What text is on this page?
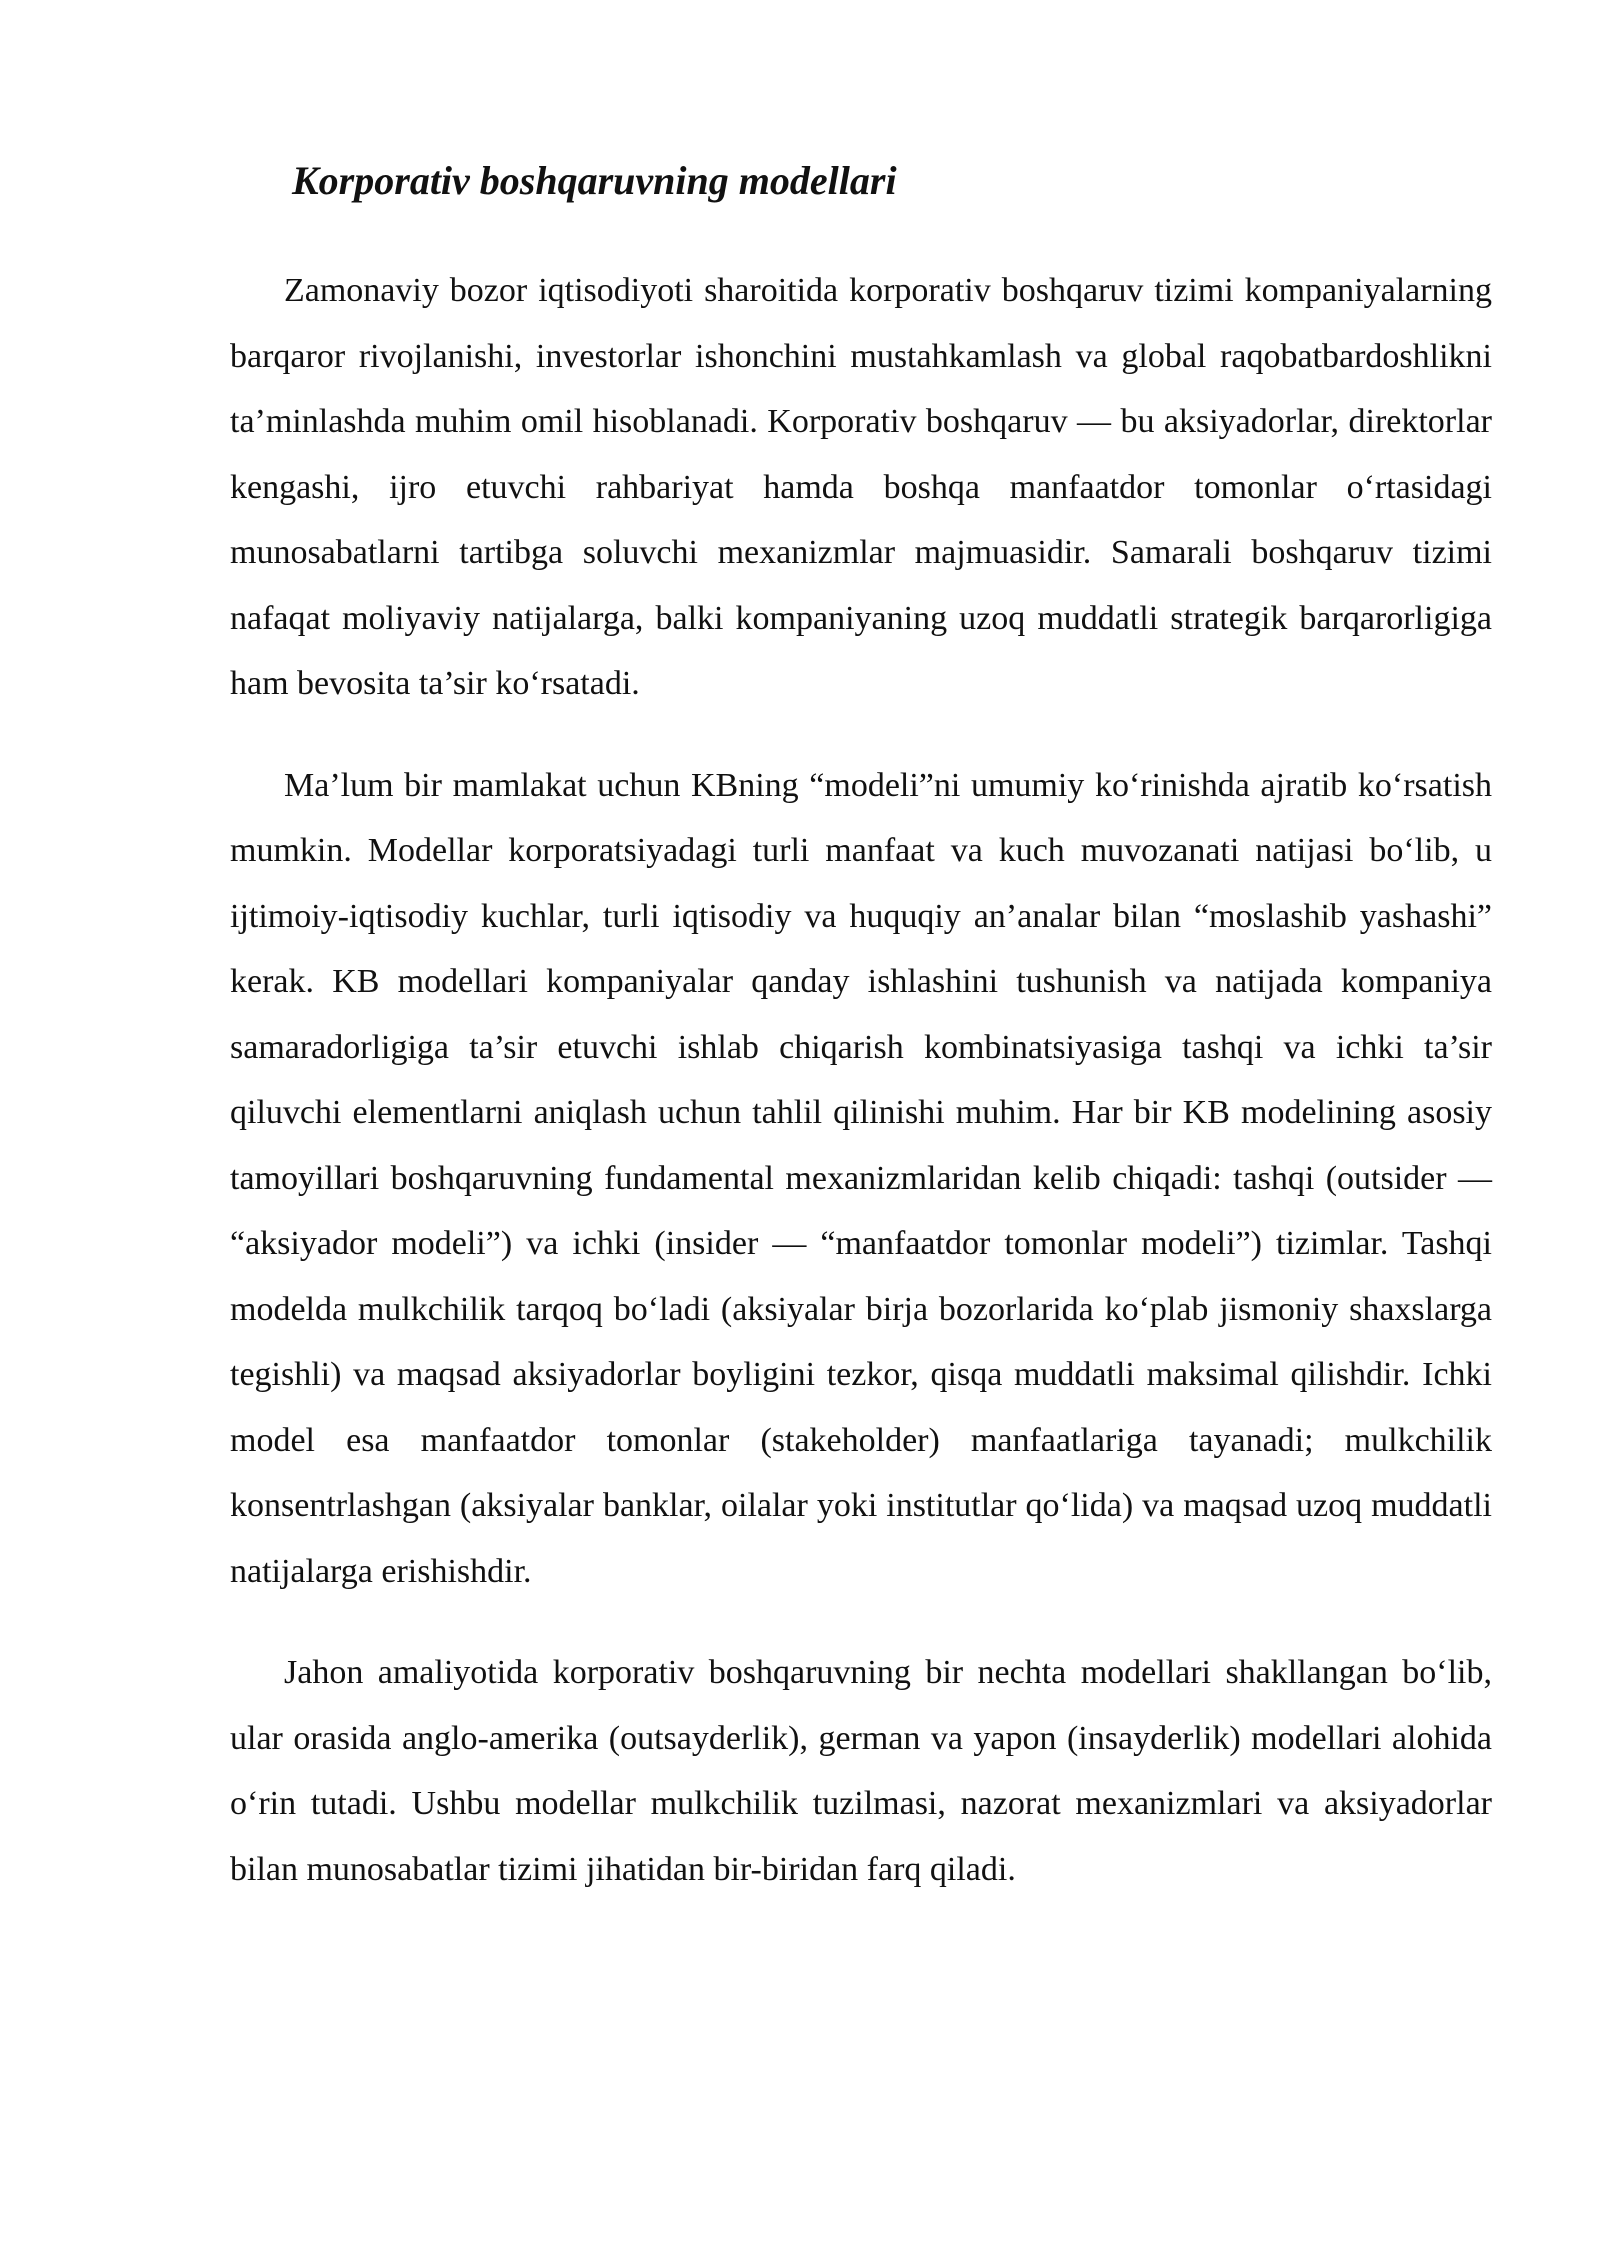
Korporativ boshqaruvning modellari

Zamonaviy bozor iqtisodiyoti sharoitida korporativ boshqaruv tizimi kompaniyalarning barqaror rivojlanishi, investorlar ishonchini mustahkamlash va global raqobatbardoshlikni ta’minlashda muhim omil hisoblanadi. Korporativ boshqaruv — bu aksiyadorlar, direktorlar kengashi, ijro etuvchi rahbariyat hamda boshqa manfaatdor tomonlar o‘rtasidagi munosabatlarni tartibga soluvchi mexanizmlar majmuasidir. Samarali boshqaruv tizimi nafaqat moliyaviy natijalarga, balki kompaniyaning uzoq muddatli strategik barqarorligiga ham bevosita ta’sir ko‘rsatadi.

Ma’lum bir mamlakat uchun KBning “modeli”ni umumiy ko‘rinishda ajratib ko‘rsatish mumkin. Modellar korporatsiyadagi turli manfaat va kuch muvozanati natijasi bo‘lib, u ijtimoiy-iqtisodiy kuchlar, turli iqtisodiy va huquqiy an’analar bilan “moslashib yashashi” kerak. KB modellari kompaniyalar qanday ishlashini tushunish va natijada kompaniya samaradorligiga ta’sir etuvchi ishlab chiqarish kombinatsiyasiga tashqi va ichki ta’sir qiluvchi elementlarni aniqlash uchun tahlil qilinishi muhim. Har bir KB modelining asosiy tamoyillari boshqaruvning fundamental mexanizmlaridan kelib chiqadi: tashqi (outsider — “aksiyador modeli”) va ichki (insider — “manfaatdor tomonlar modeli”) tizimlar. Tashqi modelda mulkchilik tarqoq bo‘ladi (aksiyalar birja bozorlarida ko‘plab jismoniy shaxslarga tegishli) va maqsad aksiyadorlar boyligini tezkor, qisqa muddatli maksimal qilishdir. Ichki model esa manfaatdor tomonlar (stakeholder) manfaatlariga tayanadi; mulkchilik konsentrlashgan (aksiyalar banklar, oilalar yoki institutlar qo‘lida) va maqsad uzoq muddatli natijalarga erishishdir.

Jahon amaliyotida korporativ boshqaruvning bir nechta modellari shakllangan bo‘lib, ular orasida anglo-amerika (outsayderlik), german va yapon (insayderlik) modellari alohida o‘rin tutadi. Ushbu modellar mulkchilik tuzilmasi, nazorat mexanizmlari va aksiyadorlar bilan munosabatlar tizimi jihatidan bir-biridan farq qiladi.
